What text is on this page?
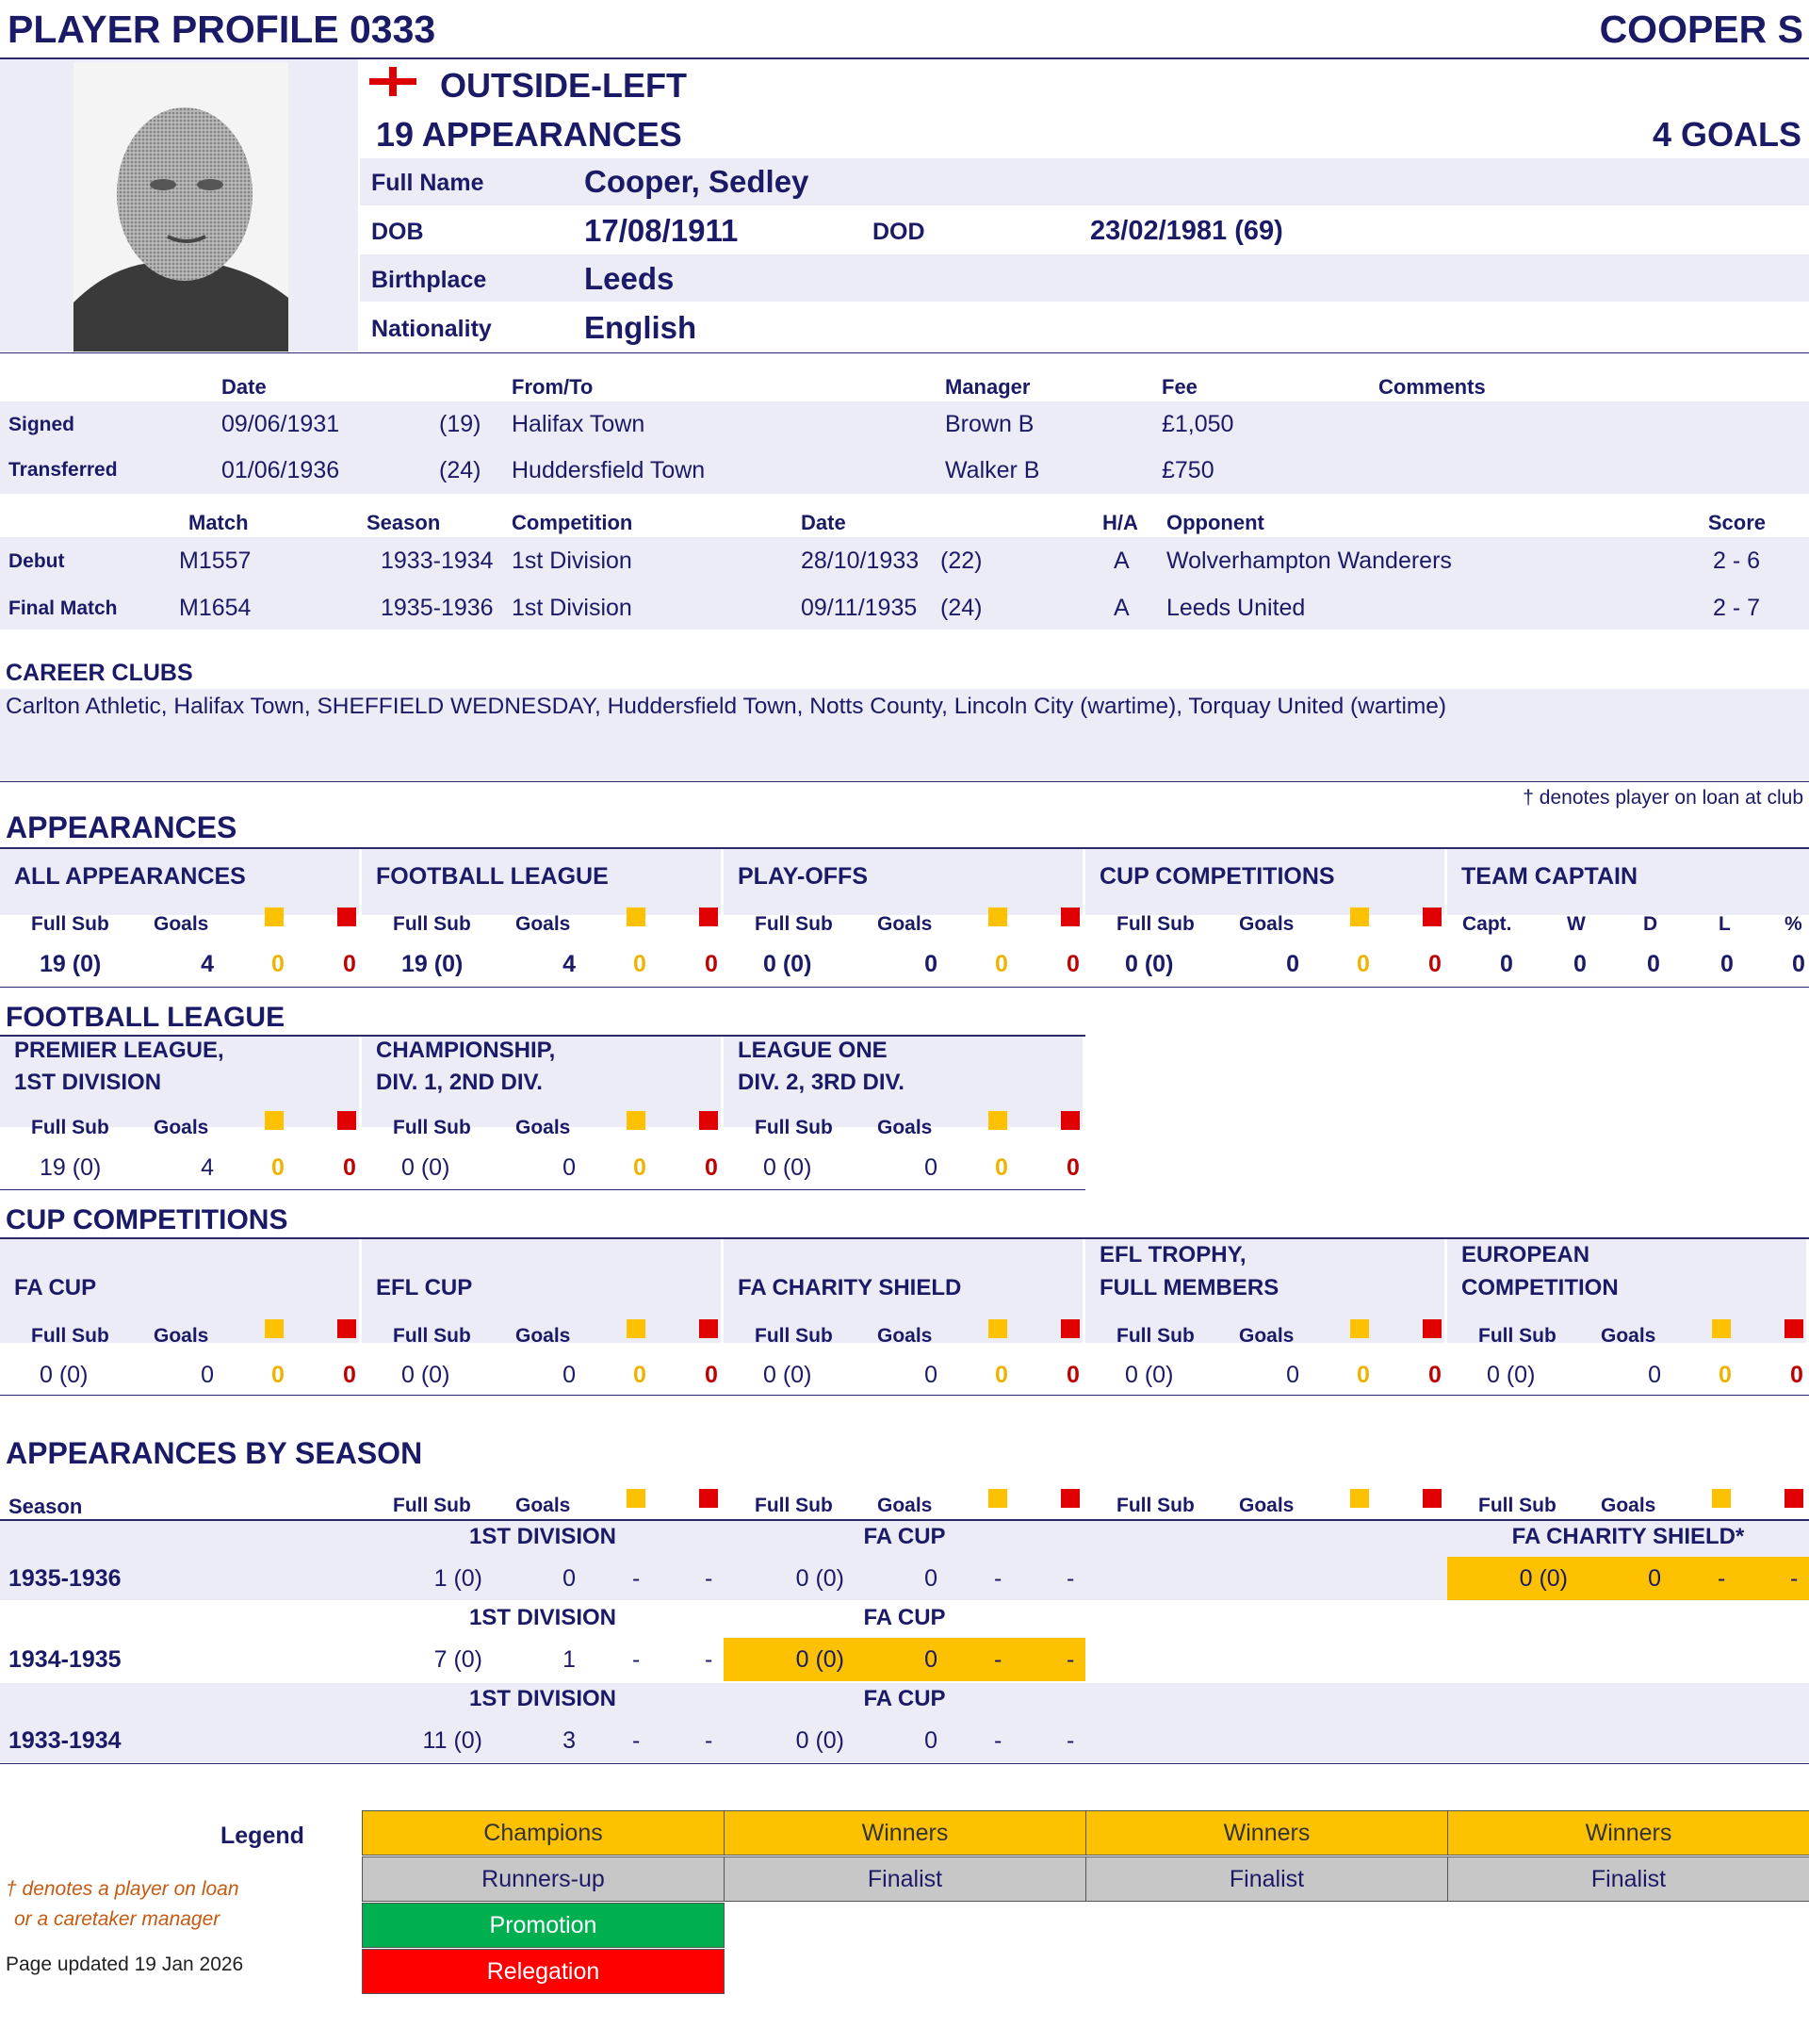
PLAYER PROFILE 0333	COOPER S
OUTSIDE-LEFT
19 APPEARANCES	4 GOALS
Full Name	Cooper, Sedley
DOB	17/08/1911	DOD	23/02/1981 (69)
Birthplace	Leeds
Nationality	English
Date	From/To	Manager	Fee	Comments
Signed	09/06/1931	(19) Halifax Town	Brown B	£1,050
Transferred	01/06/1936	(24) Huddersfield Town	Walker B	£750
Match	Season	Competition	Date	H/A Opponent	Score
Debut	M1557	1933-1934 1st Division	28/10/1933 (22)	A Wolverhampton Wanderers	2 - 6
Final Match	M1654	1935-1936 1st Division	09/11/1935 (24)	A Leeds United	2 - 7
CAREER CLUBS
Carlton Athletic, Halifax Town, SHEFFIELD WEDNESDAY, Huddersfield Town, Notts County, Lincoln City (wartime), Torquay United (wartime)
† denotes player on loan at club
APPEARANCES
Full Sub Goals
ALL APPEARANCES
19 (0)	4 0 0
Full Sub Goals
FOOTBALL LEAGUE
19 (0)	4 0 0
Full Sub Goals
PLAY-OFFS
0 (0)	0 0 0
Full Sub Goals
CUP COMPETITIONS
0 (0)	0 0 0
TEAM CAPTAIN
Capt.	W	D	L	%
0	0	0	0 0
FOOTBALL LEAGUE
Full Sub Goals
PREMIER LEAGUE,
1ST DIVISION
19 (0)	4 0 0
Full Sub Goals
CHAMPIONSHIP,
DIV. 1, 2ND DIV.
0 (0)	0 0 0
Full Sub Goals
LEAGUE ONE
DIV. 2, 3RD DIV.
0 (0)	0 0 0
CUP COMPETITIONS
Full Sub Goals
FA CUP
0 (0)	0 0 0
Full Sub Goals
EFL CUP
0 (0)	0 0 0
Full Sub Goals
FA CHARITY SHIELD
0 (0)	0 0 0
Full Sub Goals
EFL TROPHY,
FULL MEMBERS
0 (0)	0 0 0
Full Sub Goals
EUROPEAN
COMPETITION
0 (0)	0 0 0
APPEARANCES BY SEASON
Season	Full Sub Goals	Full Sub Goals	Full Sub Goals	Full Sub Goals
1935-1936
1ST DIVISION
1 (0)	0 -	-
FA CUP
0 (0)	0 -	-
FA CHARITY SHIELD*
0 (0)	0 -	-
1934-1935
1ST DIVISION
7 (0)	1 -	-
FA CUP
0 (0)	0 -	-
1933-1934
1ST DIVISION
11 (0)	3 -	-
FA CUP
0 (0)	0 -	-
Legend
† denotes a player on loan
or a caretaker manager
Page updated 19 Jan 2026
Champions	Winners	Winners	Winners
Runners-up	Finalist	Finalist	Finalist
Promotion
Relegation
